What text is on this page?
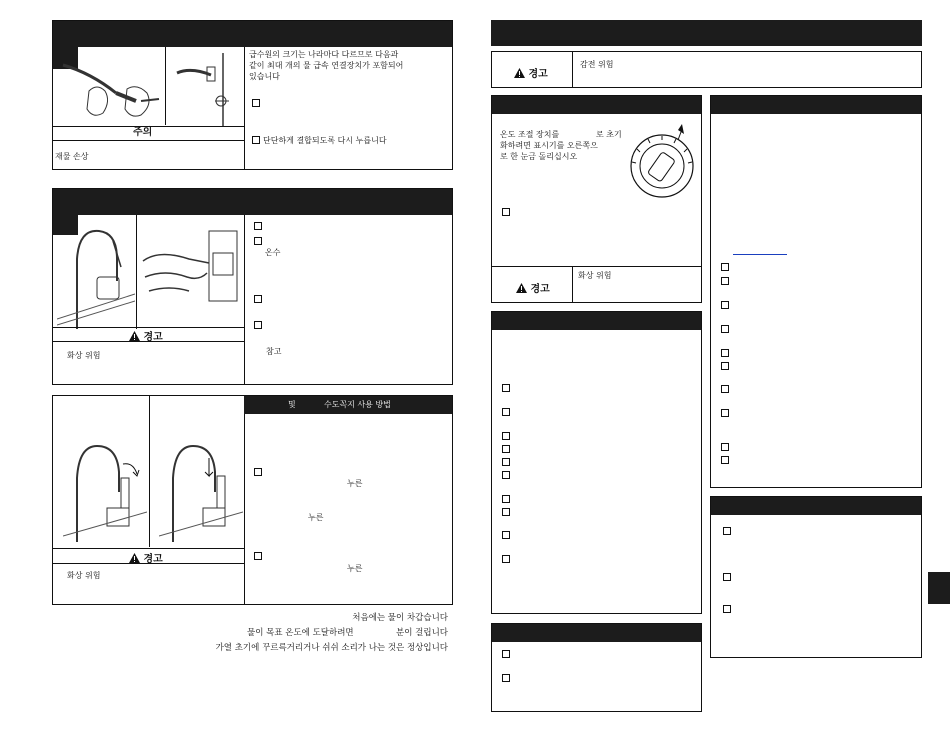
주의
재물 손상
급수원의 크기는 나라마다 다르므로 다음과
같이 최대 개의 물 급속 연결장치가 포함되어
있습니다
단단하게 결합되도록 다시 누릅니다
경고
화상 위험
온수
참고
및	수도꼭지 사용 방법
경고
화상 위험
누른
누른
누른
처음에는 물이 차갑습니다
물이 목표 온도에 도달하려면	분이 걸립니다
가열 초기에 꾸르륵거리거나 쉬쉬 소리가 나는 것은 정상입니다
경고
감전 위험
온도 조절 장치를	로 초기
화하려면 표시기를 오른쪽으
로 한 눈금 돌리십시오
경고
화상 위험
